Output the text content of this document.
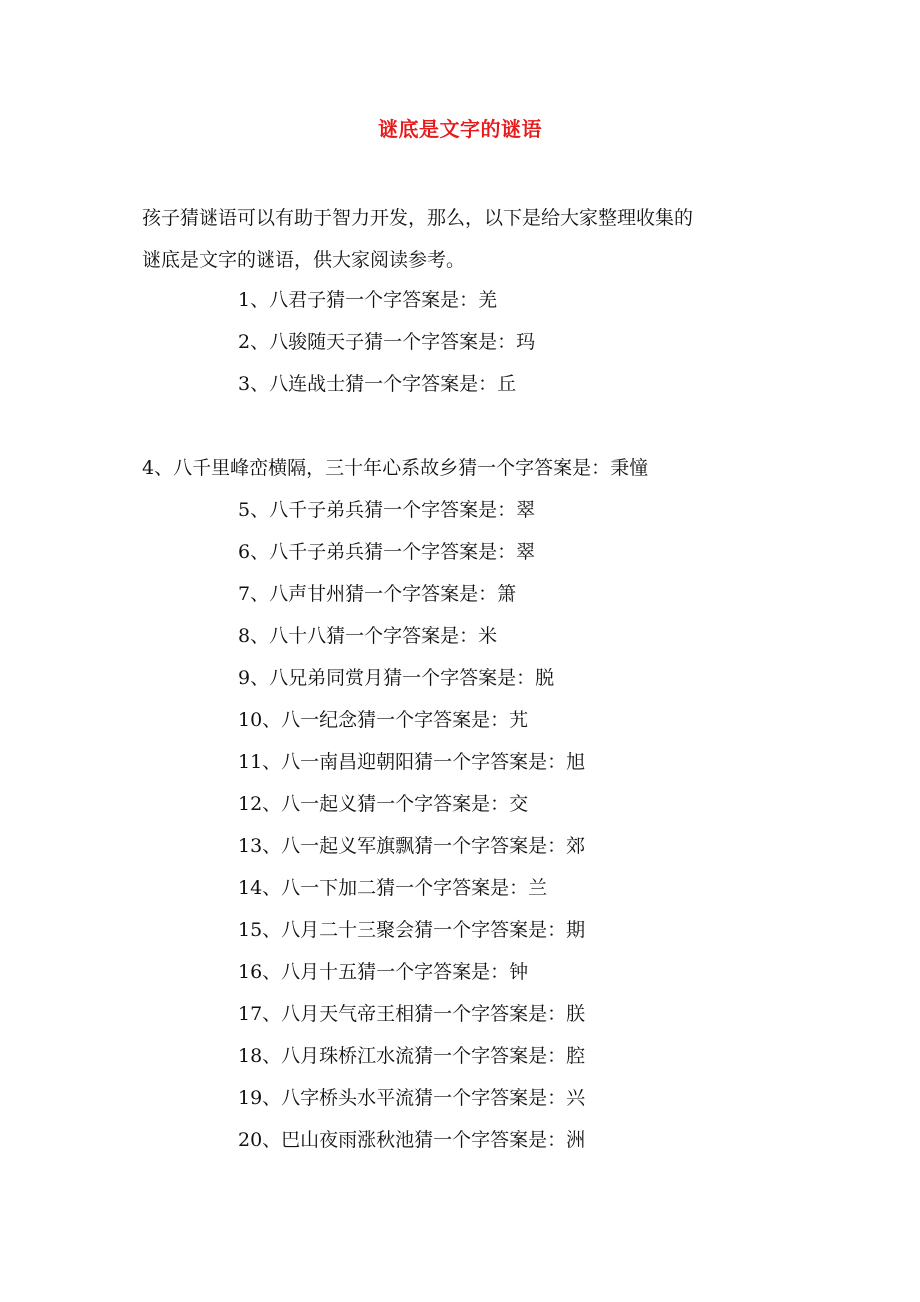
谜底是文字的谜语

孩子猜谜语可以有助于智力开发，那么，以下是给大家整理收集的
谜底是文字的谜语，供大家阅读参考。

1、八君子猜一个字答案是：羌
2、八骏随天子猜一个字答案是：玛
3、八连战士猜一个字答案是：丘
4、八千里峰峦横隔，三十年心系故乡猜一个字答案是：秉憧
5、八千子弟兵猜一个字答案是：翠
6、八千子弟兵猜一个字答案是：翠
7、八声甘州猜一个字答案是：箫
8、八十八猜一个字答案是：米
9、八兄弟同赏月猜一个字答案是：脱
10、八一纪念猜一个字答案是：艽
11、八一南昌迎朝阳猜一个字答案是：旭
12、八一起义猜一个字答案是：交
13、八一起义军旗飘猜一个字答案是：郊
14、八一下加二猜一个字答案是：兰
15、八月二十三聚会猜一个字答案是：期
16、八月十五猜一个字答案是：钟
17、八月天气帝王相猜一个字答案是：朕
18、八月珠桥江水流猜一个字答案是：腔
19、八字桥头水平流猜一个字答案是：兴
20、巴山夜雨涨秋池猜一个字答案是：洲
